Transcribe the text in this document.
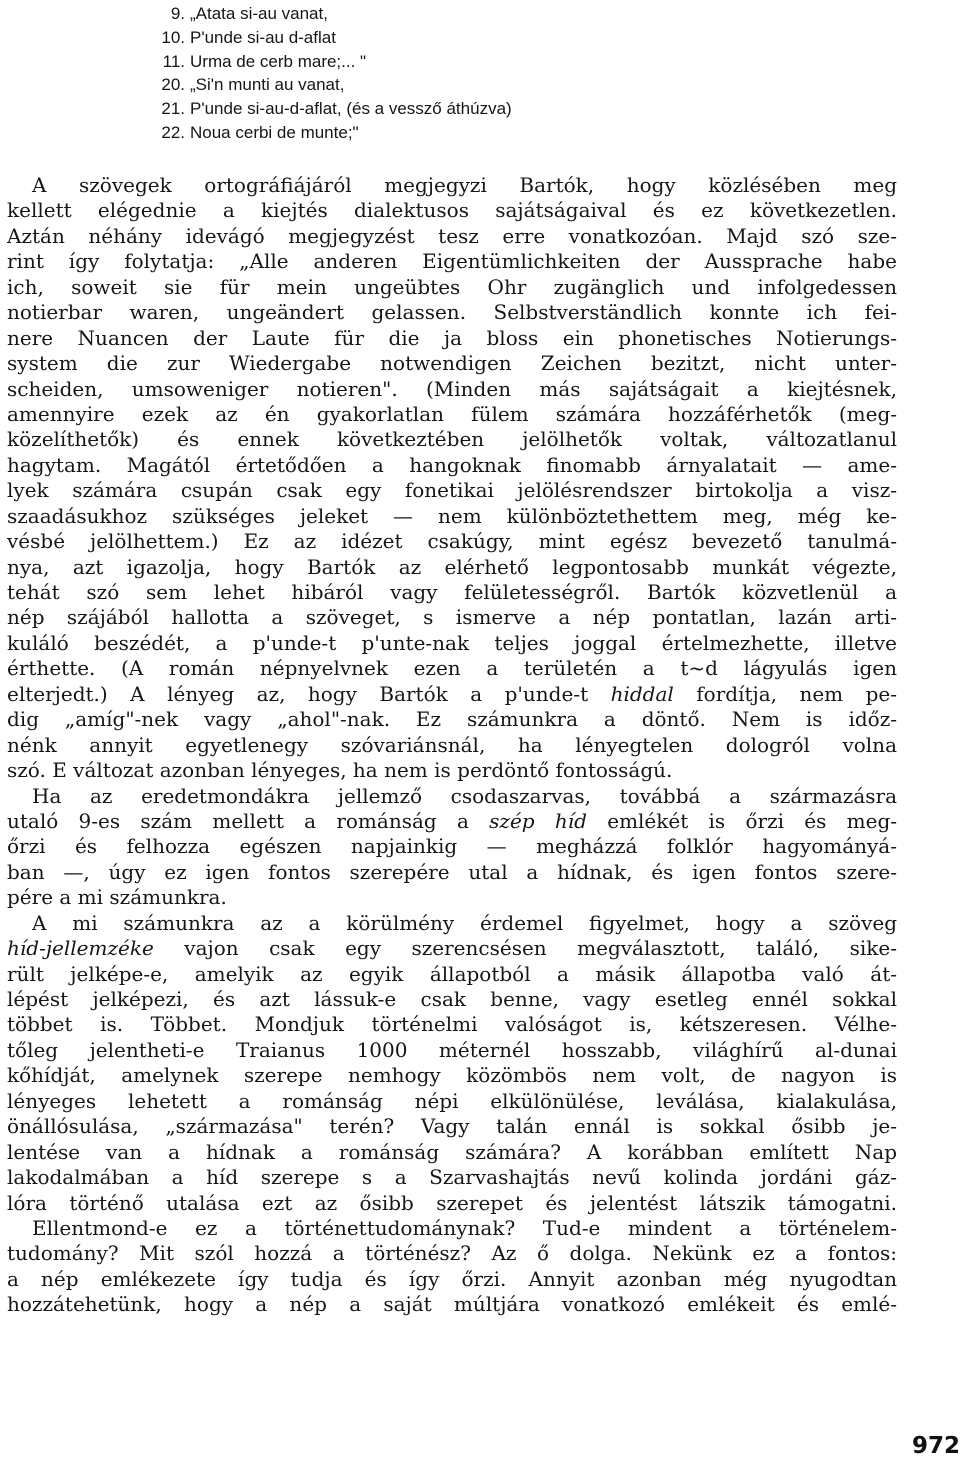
9. „Atata si-au vanat,
10. P'unde si-au d-aflat
11. Urma de cerb mare;... "
20. „Si'n munti au vanat,
21. P'unde si-au-d-aflat, (és a vessző áthúzva)
22. Noua cerbi de munte;"
A szövegek ortográfiájáról megjegyzi Bartók, hogy közlésében meg
kellett elégednie a kiejtés dialektusos sajátságaival és ez következetlen.
Aztán néhány idevágó megjegyzést tesz erre vonatkozóan. Majd szó sze-
rint így folytatja: „Alle anderen Eigentümlichkeiten der Aussprache habe
ich, soweit sie für mein ungeübtes Ohr zugänglich und infolgedessen
notierbar waren, ungeändert gelassen. Selbstverständlich konnte ich fei-
nere Nuancen der Laute für die ja bloss ein phonetisches Notierungs-
system die zur Wiedergabe notwendigen Zeichen bezitzt, nicht unter-
scheiden, umsoweniger notieren". (Minden más sajátságait a kiejtésnek,
amennyire ezek az én gyakorlatlan fülem számára hozzáférhetők (meg-
közelíthetők) és ennek következtében jelölhetők voltak, változatlanul
hagytam. Magától értetődően a hangoknak finomabb árnyalatait — ame-
lyek számára csupán csak egy fonetikai jelölésrendszer birtokolja a visz-
szaadásukhoz szükséges jeleket — nem különböztethettem meg, még ke-
vésbé jelölhettem.) Ez az idézet csakúgy, mint egész bevezető tanulmá-
nya, azt igazolja, hogy Bartók az elérhető legpontosabb munkát végezte,
tehát szó sem lehet hibáról vagy felületességről. Bartók közvetlenül a
nép szájából hallotta a szöveget, s ismerve a nép pontatlan, lazán arti-
kuláló beszédét, a p'unde-t p'unte-nak teljes joggal értelmezhette, illetve
érthette. (A román népnyelvnek ezen a területén a t~d lágyulás igen
elterjedt.) A lényeg az, hogy Bartók a p'unde-t hiddal fordítja, nem pe-
dig „amíg"-nek vagy „ahol"-nak. Ez számunkra a döntő. Nem is időz-
nénk annyit egyetlenegy szóvariánsnál, ha lényegtelen dologról volna
szó. E változat azonban lényeges, ha nem is perdöntő fontosságú.
Ha az eredetmondákra jellemző csodaszarvas, továbbá a származásra
utaló 9-es szám mellett a románság a szép híd emlékét is őrzi és meg-
őrzi és felhozza egészen napjainkig — megházzá folklór hagyományá-
ban —, úgy ez igen fontos szerepére utal a hídnak, és igen fontos szere-
pére a mi számunkra.
A mi számunkra az a körülmény érdemel figyelmet, hogy a szöveg
híd-jellemzéke vajon csak egy szerencsésen megválasztott, találó, sike-
rült jelképe-e, amelyik az egyik állapotból a másik állapotba való át-
lépést jelképezi, és azt lássuk-e csak benne, vagy esetleg ennél sokkal
többet is. Többet. Mondjuk történelmi valóságot is, kétszeresen. Vélhe-
tőleg jelentheti-e Traianus 1000 méternél hosszabb, világhírű al-dunai
kőhídját, amelynek szerepe nemhogy közömbös nem volt, de nagyon is
lényeges lehetett a románság népi elkülönülése, leválása, kialakulása,
önállósulása, „származása" terén? Vagy talán ennál is sokkal ősibb je-
lentése van a hídnak a románság számára? A korábban említett Nap
lakodalmában a híd szerepe s a Szarvashajtás nevű kolinda jordáni gáz-
lóra történő utalása ezt az ősibb szerepet és jelentést látszik támogatni.
Ellentmond-e ez a történettudománynak? Tud-e mindent a történelem-
tudomány? Mit szól hozzá a történész? Az ő dolga. Nekünk ez a fontos:
a nép emlékezete így tudja és így őrzi. Annyit azonban még nyugodtan
hozzátehetünk, hogy a nép a saját múltjára vonatkozó emlékeit és emlé-
972
